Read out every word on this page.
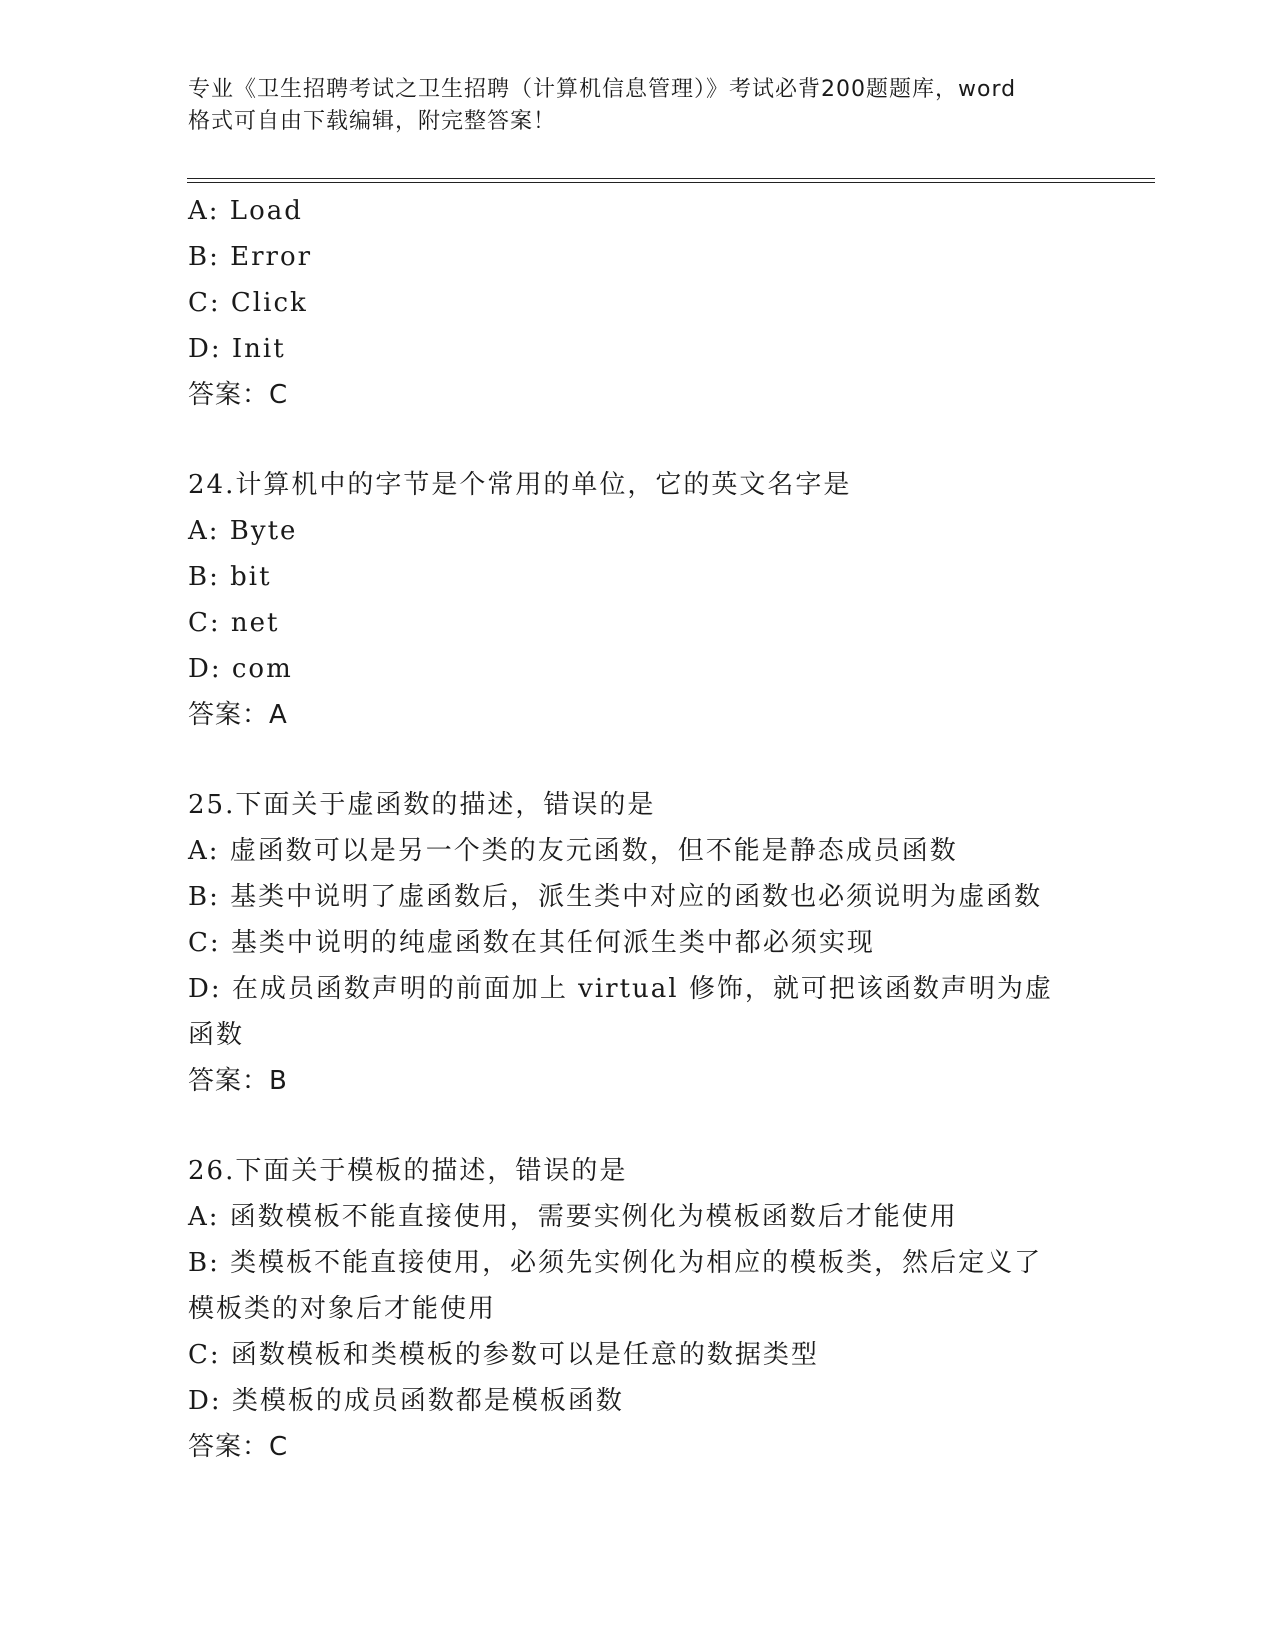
专业《卫生招聘考试之卫生招聘（计算机信息管理）》考试必背200题题库，word
格式可自由下载编辑，附完整答案！
A: Load
B: Error
C: Click
D: Init
答案：C
24.计算机中的字节是个常用的单位，它的英文名字是
A: Byte
B: bit
C: net
D: com
答案：A
25.下面关于虚函数的描述，错误的是
A: 虚函数可以是另一个类的友元函数，但不能是静态成员函数
B: 基类中说明了虚函数后，派生类中对应的函数也必须说明为虚函数
C: 基类中说明的纯虚函数在其任何派生类中都必须实现
D: 在成员函数声明的前面加上 virtual 修饰，就可把该函数声明为虚
函数
答案：B
26.下面关于模板的描述，错误的是
A: 函数模板不能直接使用，需要实例化为模板函数后才能使用
B: 类模板不能直接使用，必须先实例化为相应的模板类，然后定义了
模板类的对象后才能使用
C: 函数模板和类模板的参数可以是任意的数据类型
D: 类模板的成员函数都是模板函数
答案：C
